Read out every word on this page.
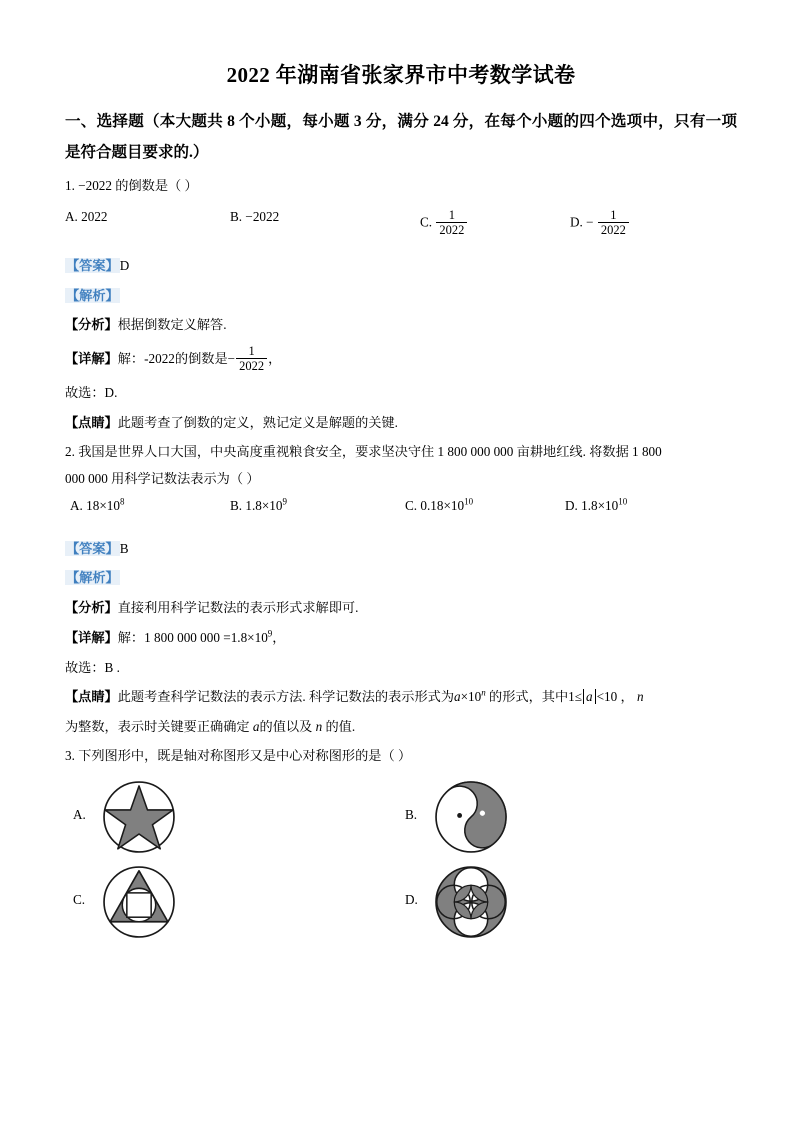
2022 年湖南省张家界市中考数学试卷
一、选择题（本大题共 8 个小题，每小题 3 分，满分 24 分，在每个小题的四个选项中，只有一项是符合题目要求的.）
1. −2022 的倒数是（ ）
A. 2022	B. −2022	C. $\frac{1}{2022}$	D. − $\frac{1}{2022}$
【答案】D
【解析】
【分析】根据倒数定义解答.
【详解】解：-2022的倒数是− $\frac{1}{2022}$ ，
故选：D.
【点睛】此题考查了倒数的定义，熟记定义是解题的关键.
2. 我国是世界人口大国，中央高度重视粮食安全，要求坚决守住 1 800 000 000 亩耕地红线. 将数据 1 800
000 000 用科学记数法表示为（ ）
A. $18\times 10^8$	B. $1.8\times 10^9$	C. $0.18\times 10^{10}$	D. $1.8\times 10^{10}$
【答案】B
【解析】
【分析】直接利用科学记数法的表示形式求解即可.
【详解】解：1 800 000 $000 =1.8\times 10^9$，
故选：B .
【点睛】此题考查科学记数法的表示方法. 科学记数法的表示形式为$a\times 10^n$ 的形式，其中1≤ a <10 ， n
为整数，表示时关键要正确确定 a的值以及 n 的值.
3. 下列图形中，既是轴对称图形又是中心对称图形的是（ ）
A.	B.
C.	D.
